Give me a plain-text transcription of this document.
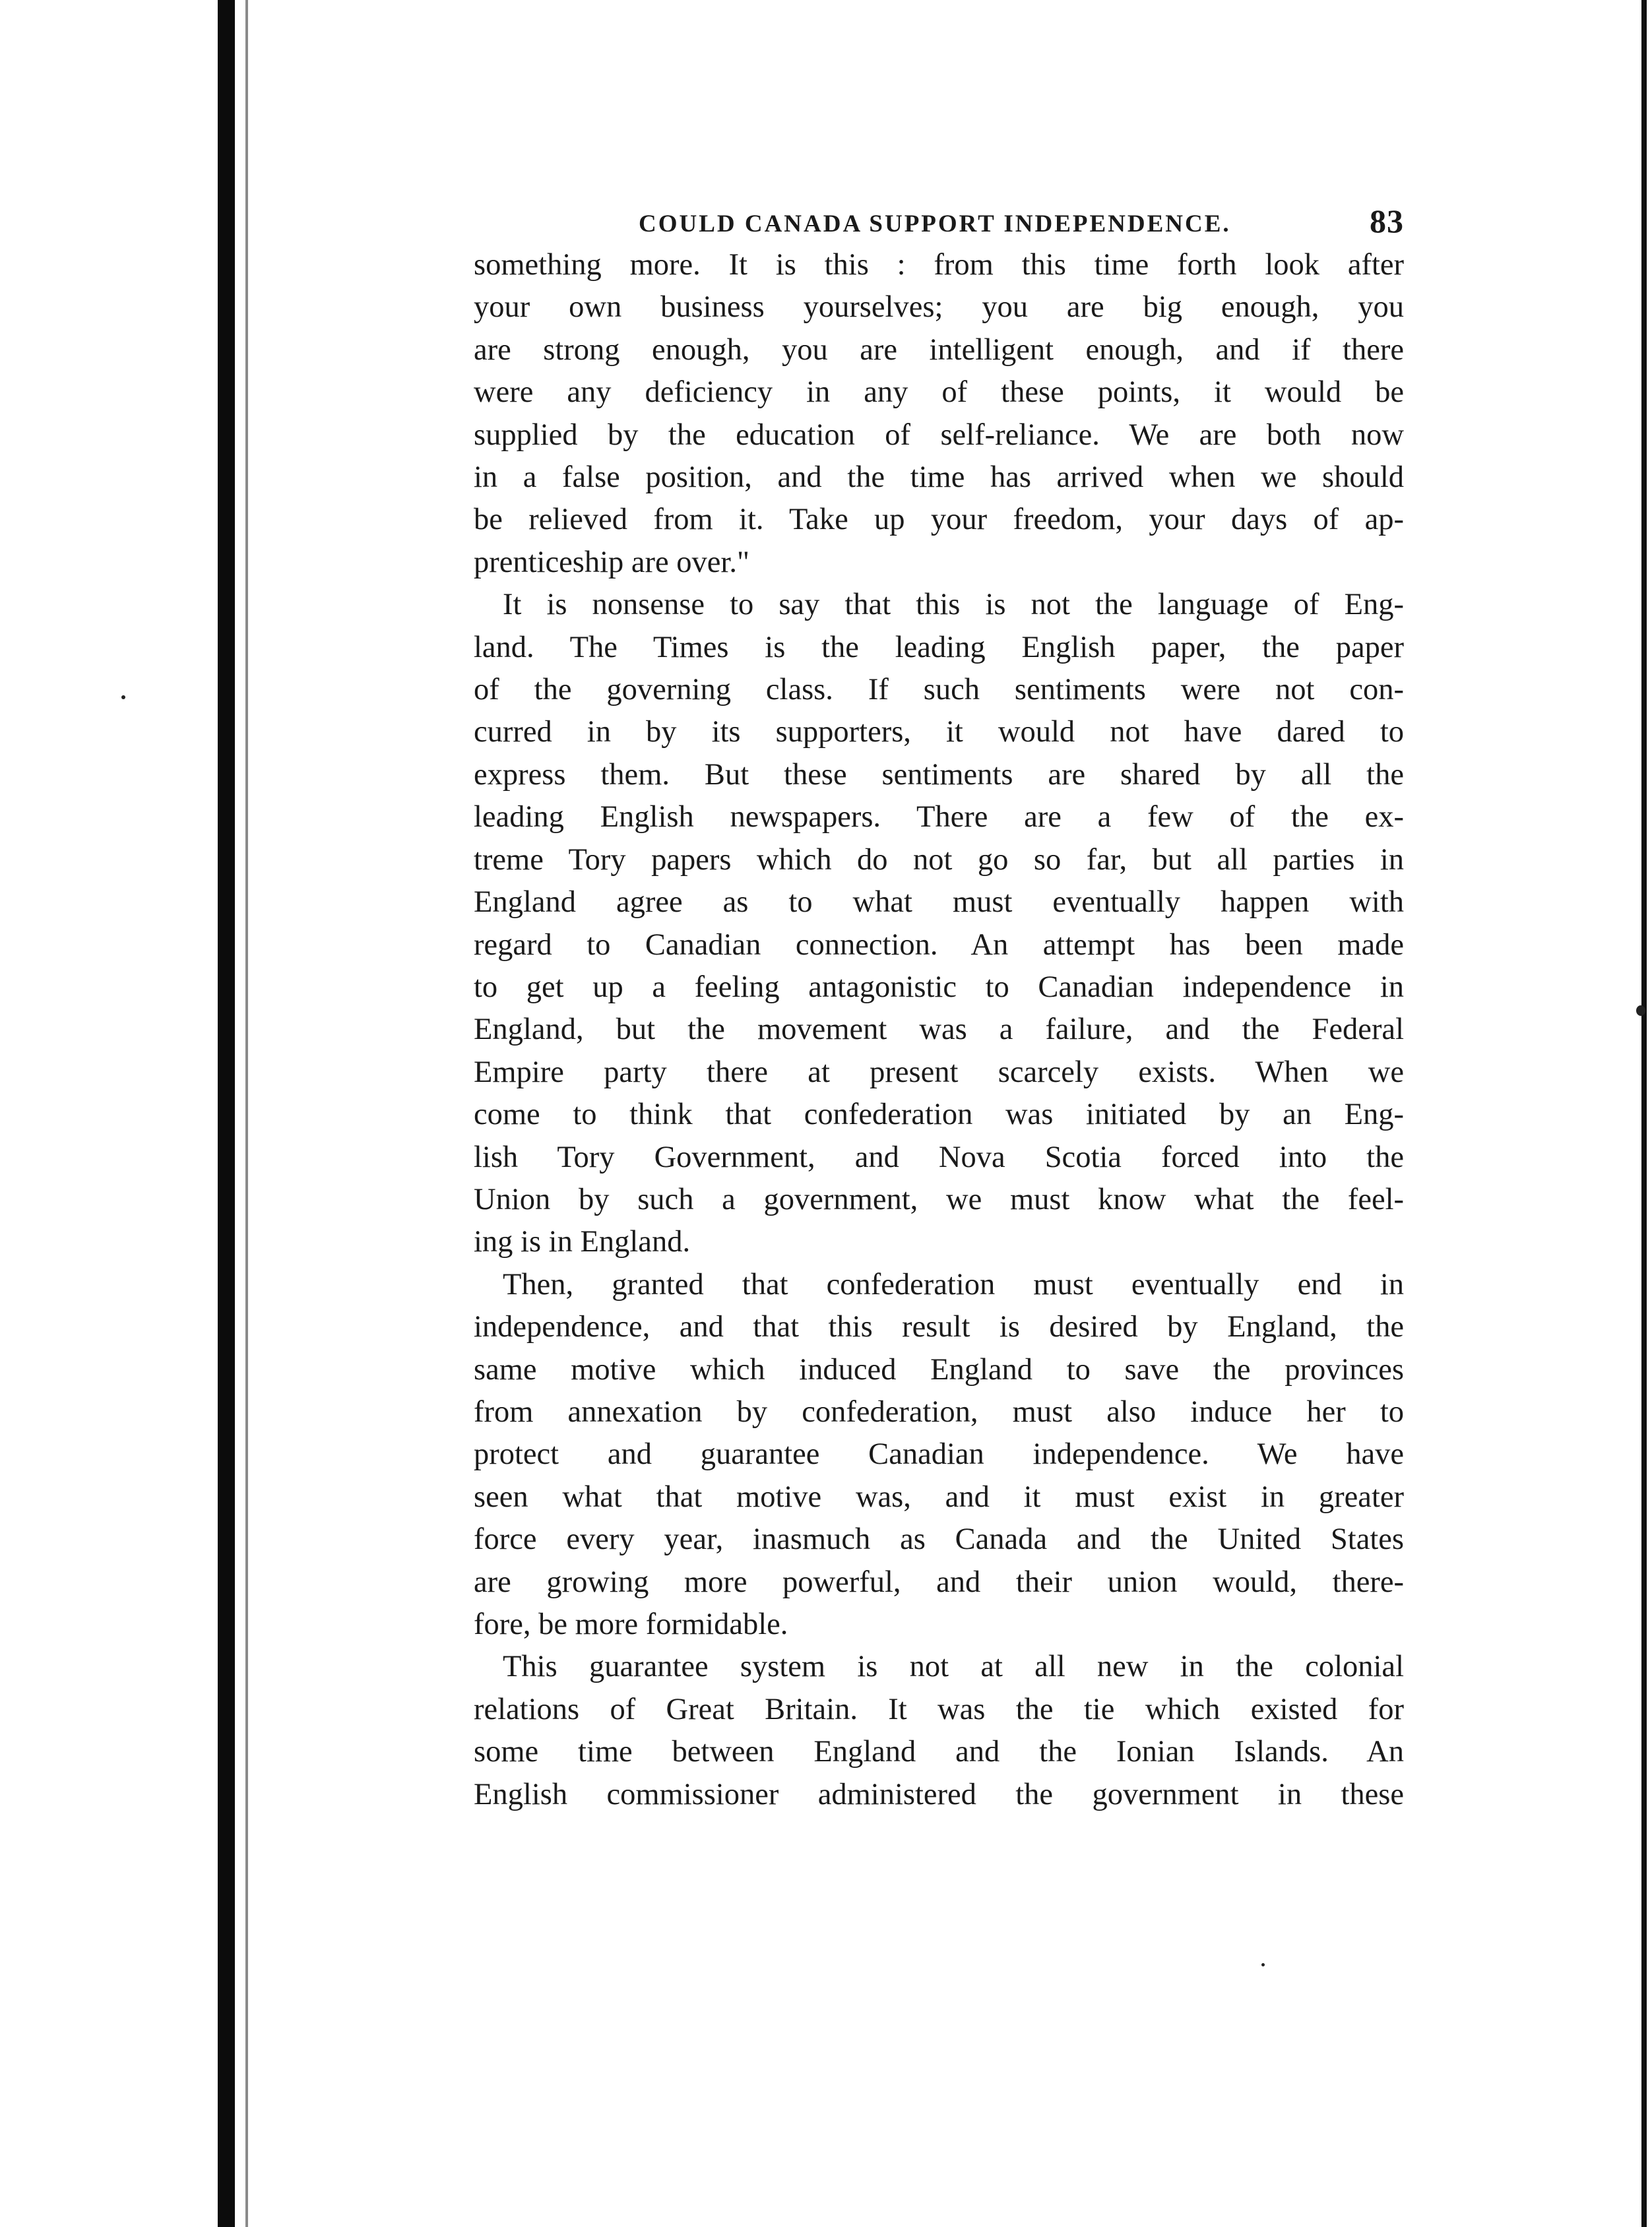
COULD CANADA SUPPORT INDEPENDENCE.	83
something more. It is this : from this time forth look after
your own business yourselves; you are big enough, you
are strong enough, you are intelligent enough, and if there
were any deficiency in any of these points, it would be
supplied by the education of self-reliance. We are both now
in a false position, and the time has arrived when we should
be relieved from it. Take up your freedom, your days of ap-
prenticeship are over."
It is nonsense to say that this is not the language of Eng-
land. The Times is the leading English paper, the paper
of the governing class. If such sentiments were not con-
curred in by its supporters, it would not have dared to
express them. But these sentiments are shared by all the
leading English newspapers. There are a few of the ex-
treme Tory papers which do not go so far, but all parties in
England agree as to what must eventually happen with
regard to Canadian connection. An attempt has been made
to get up a feeling antagonistic to Canadian independence in
England, but the movement was a failure, and the Federal
Empire party there at present scarcely exists. When we
come to think that confederation was initiated by an Eng-
lish Tory Government, and Nova Scotia forced into the
Union by such a government, we must know what the feel-
ing is in England.
Then, granted that confederation must eventually end in
independence, and that this result is desired by England, the
same motive which induced England to save the provinces
from annexation by confederation, must also induce her to
protect and guarantee Canadian independence. We have
seen what that motive was, and it must exist in greater
force every year, inasmuch as Canada and the United States
are growing more powerful, and their union would, there-
fore, be more formidable.
This guarantee system is not at all new in the colonial
relations of Great Britain. It was the tie which existed for
some time between England and the Ionian Islands. An
English commissioner administered the government in these
